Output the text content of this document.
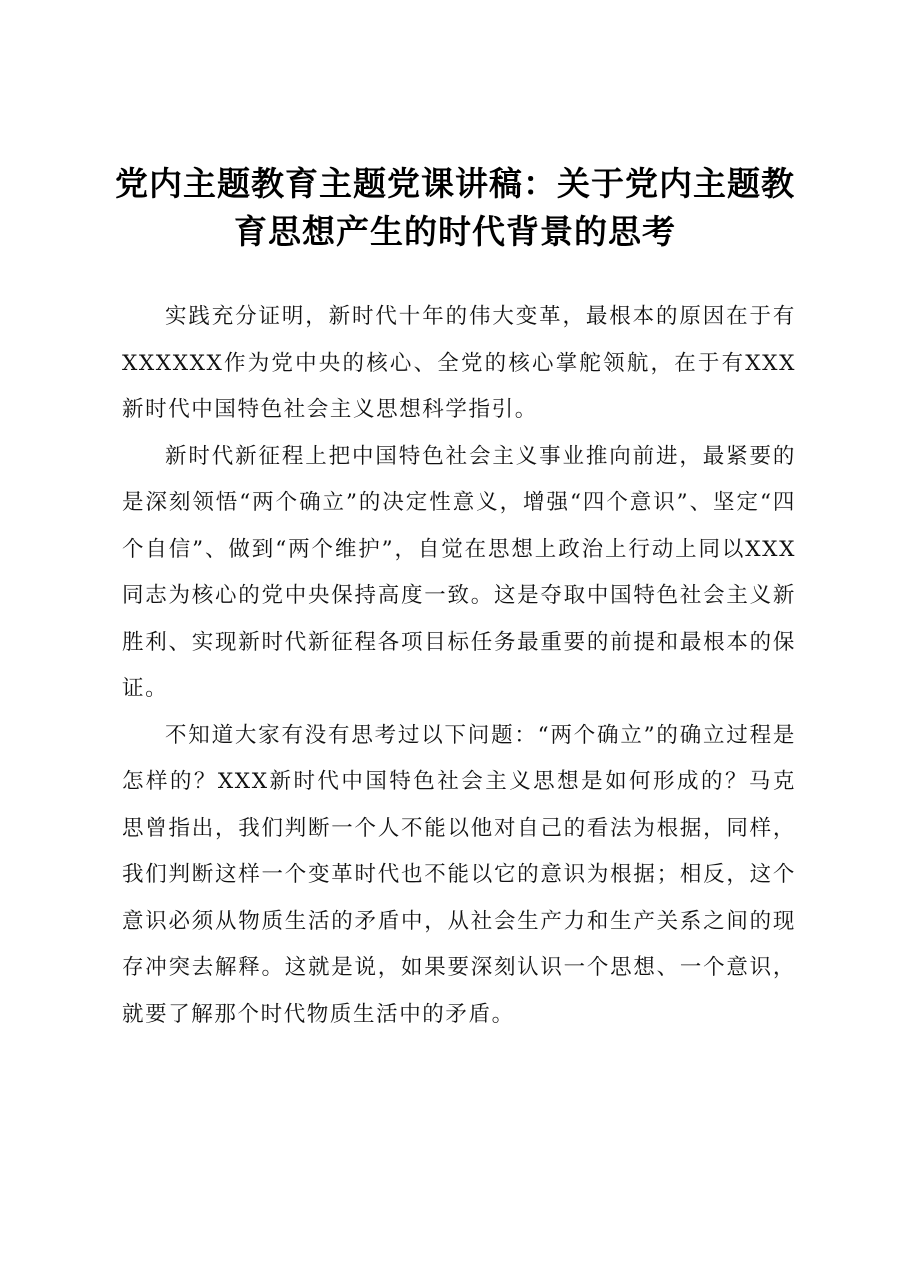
党内主题教育主题党课讲稿：关于党内主题教育思想产生的时代背景的思考

实践充分证明，新时代十年的伟大变革，最根本的原因在于有XXXXXX作为党中央的核心、全党的核心掌舵领航，在于有XXX新时代中国特色社会主义思想科学指引。

新时代新征程上把中国特色社会主义事业推向前进，最紧要的是深刻领悟“两个确立”的决定性意义，增强“四个意识”、坚定“四个自信”、做到“两个维护”，自觉在思想上政治上行动上同以XXX同志为核心的党中央保持高度一致。这是夺取中国特色社会主义新胜利、实现新时代新征程各项目标任务最重要的前提和最根本的保证。

不知道大家有没有思考过以下问题：“两个确立”的确立过程是怎样的？XXX新时代中国特色社会主义思想是如何形成的？马克思曾指出，我们判断一个人不能以他对自己的看法为根据，同样，我们判断这样一个变革时代也不能以它的意识为根据；相反，这个意识必须从物质生活的矛盾中，从社会生产力和生产关系之间的现存冲突去解释。这就是说，如果要深刻认识一个思想、一个意识，就要了解那个时代物质生活中的矛盾。
